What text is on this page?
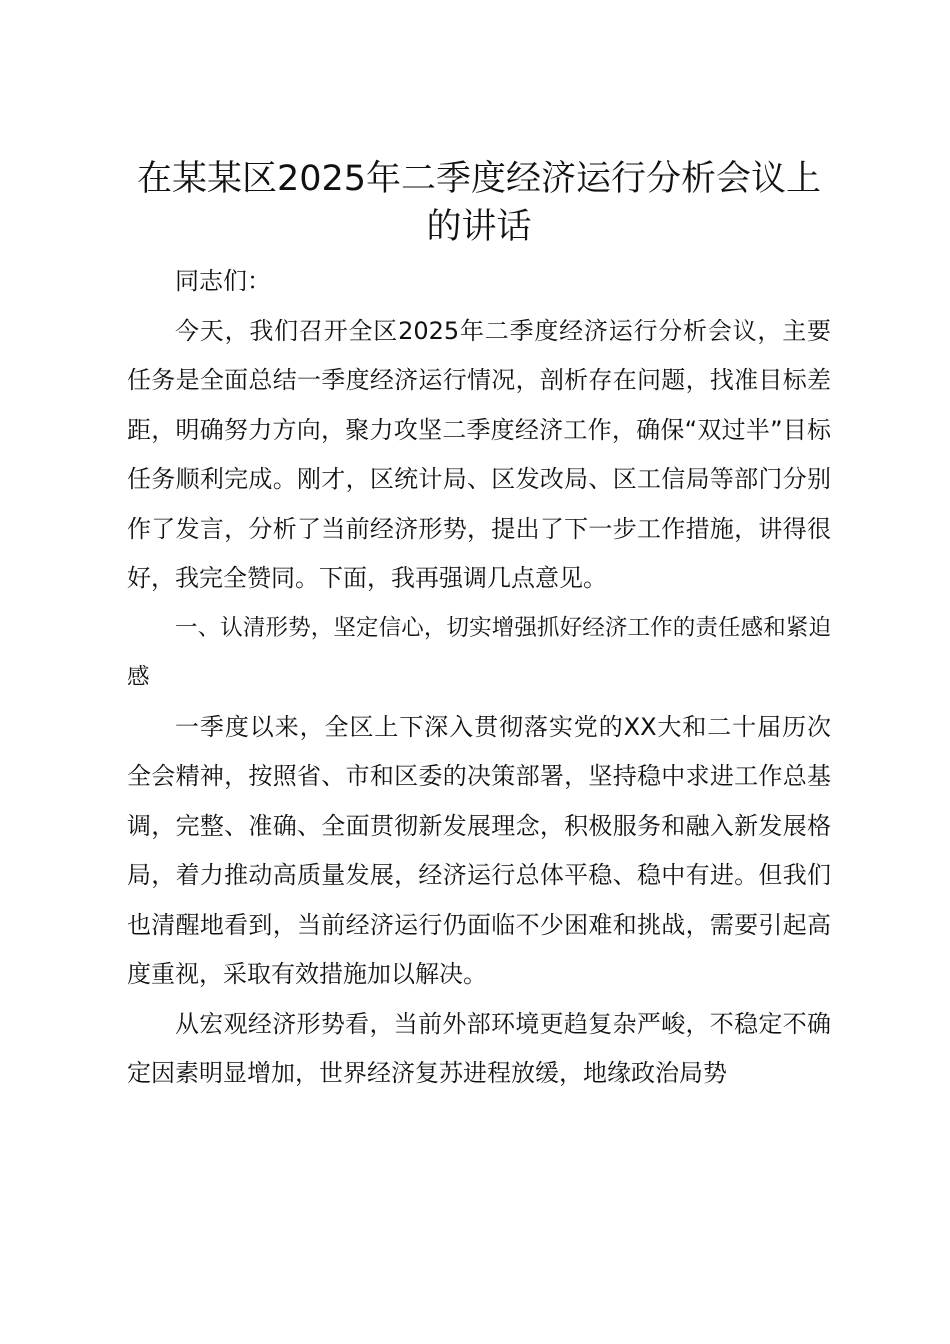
在某某区2025年二季度经济运行分析会议上的讲话

同志们：

今天，我们召开全区2025年二季度经济运行分析会议，主要任务是全面总结一季度经济运行情况，剖析存在问题，找准目标差距，明确努力方向，聚力攻坚二季度经济工作，确保“双过半”目标任务顺利完成。刚才，区统计局、区发改局、区工信局等部门分别作了发言，分析了当前经济形势，提出了下一步工作措施，讲得很好，我完全赞同。下面，我再强调几点意见。

一、认清形势，坚定信心，切实增强抓好经济工作的责任感和紧迫感

一季度以来，全区上下深入贯彻落实党的XX大和二十届历次全会精神，按照省、市和区委的决策部署，坚持稳中求进工作总基调，完整、准确、全面贯彻新发展理念，积极服务和融入新发展格局，着力推动高质量发展，经济运行总体平稳、稳中有进。但我们也清醒地看到，当前经济运行仍面临不少困难和挑战，需要引起高度重视，采取有效措施加以解决。

从宏观经济形势看，当前外部环境更趋复杂严峻，不稳定不确定因素明显增加，世界经济复苏进程放缓，地缘政治局势
